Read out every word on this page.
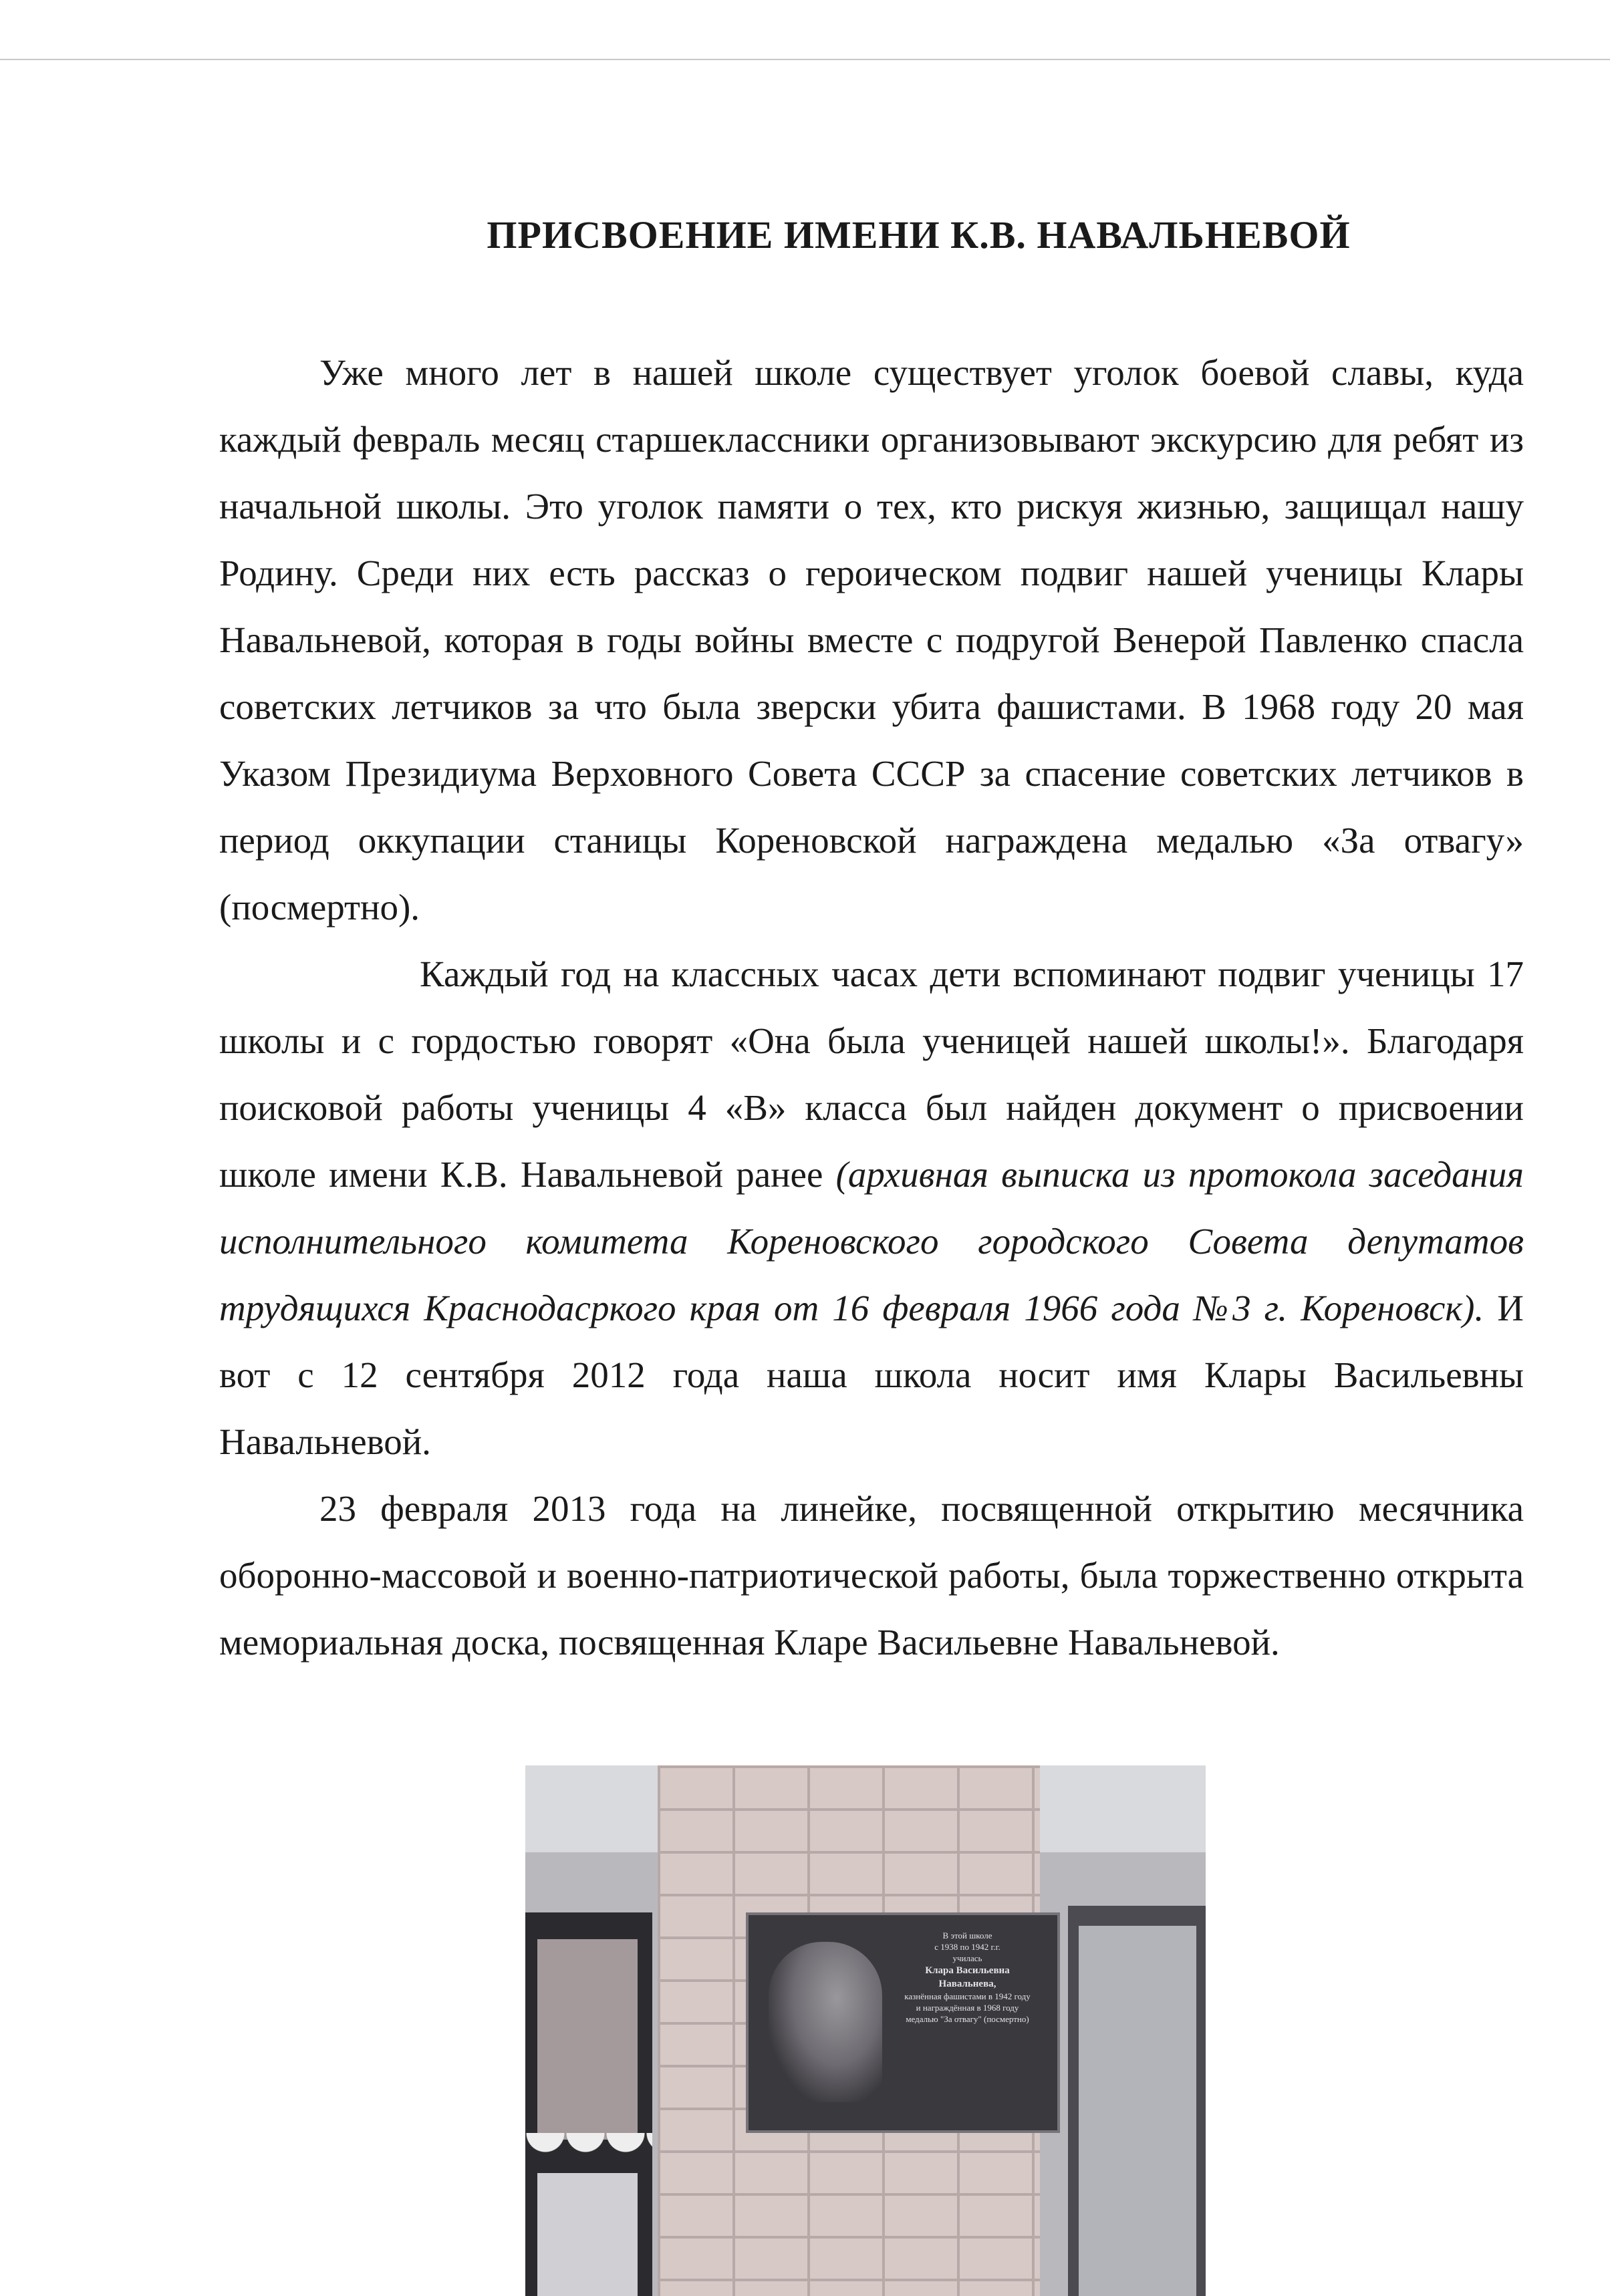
ПРИСВОЕНИЕ ИМЕНИ К.В. НАВАЛЬНЕВОЙ

Уже много лет в нашей школе существует уголок боевой славы, куда каждый февраль месяц старшеклассники организовывают экскурсию для ребят из начальной школы. Это уголок памяти о тех, кто рискуя жизнью, защищал нашу Родину. Среди них есть рассказ о героическом подвиг нашей ученицы Клары Навальневой, которая в годы войны вместе с подругой Венерой Павленко спасла советских летчиков за что была зверски убита фашистами. В 1968 году 20 мая Указом Президиума Верховного Совета СССР за спасение советских летчиков в период оккупации станицы Кореновской награждена медалью «За отвагу» (посмертно).

Каждый год на классных часах дети вспоминают подвиг ученицы 17 школы и с гордостью говорят «Она была ученицей нашей школы!». Благодаря поисковой работы ученицы 4 «В» класса был найден документ о присвоении школе имени К.В. Навальневой ранее (архивная выписка из протокола заседания исполнительного комитета Кореновского городского Совета депутатов трудящихся Краснодасркого края от 16 февраля 1966 года №3 г. Кореновск). И вот с 12 сентября 2012 года наша школа носит имя Клары Васильевны Навальневой.

23 февраля 2013 года на линейке, посвященной открытию месячника оборонно-массовой и военно-патриотической работы, была торжественно открыта мемориальная доска, посвященная Кларе Васильевне Навальневой.

В этой школе
с 1938 по 1942 г.г.
училась
Клара Васильевна
Навальнева,
казнённая фашистами в 1942 году
и награждённая в 1968 году
медалью "За отвагу" (посмертно)
